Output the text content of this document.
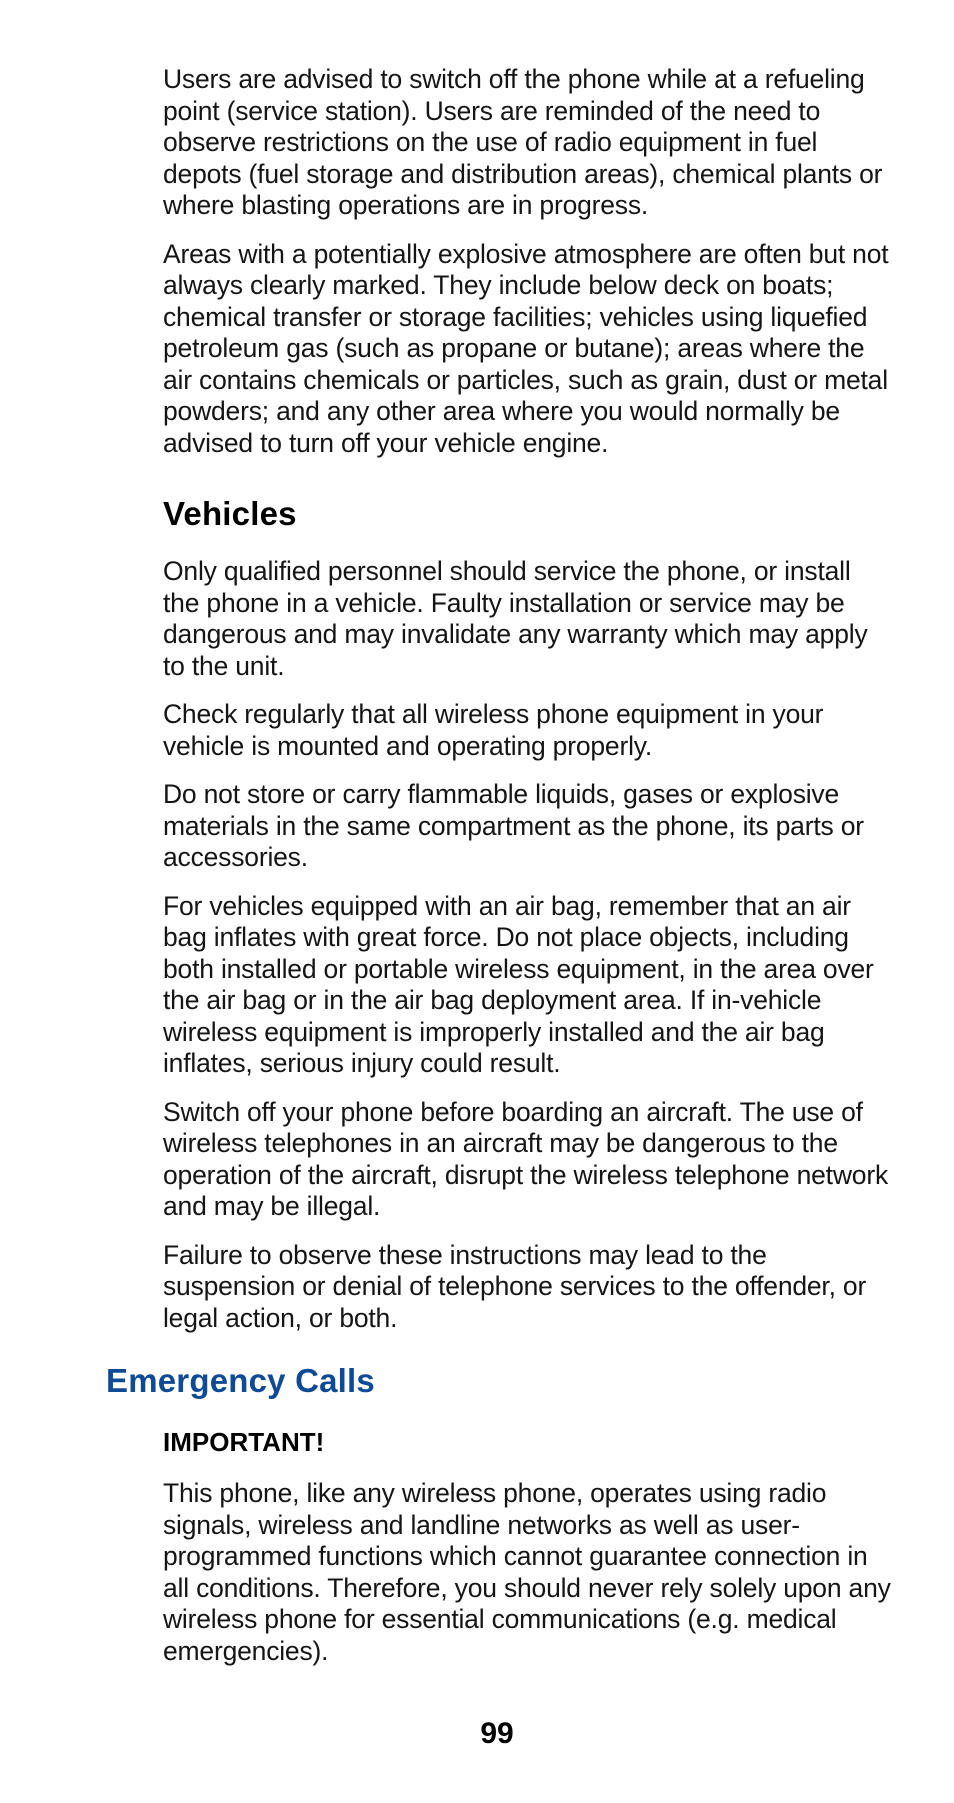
Users are advised to switch off the phone while at a refueling point (service station). Users are reminded of the need to observe restrictions on the use of radio equipment in fuel depots (fuel storage and distribution areas), chemical plants or where blasting operations are in progress.

Areas with a potentially explosive atmosphere are often but not always clearly marked. They include below deck on boats; chemical transfer or storage facilities; vehicles using liquefied petroleum gas (such as propane or butane); areas where the air contains chemicals or particles, such as grain, dust or metal powders; and any other area where you would normally be advised to turn off your vehicle engine.

Vehicles

Only qualified personnel should service the phone, or install the phone in a vehicle. Faulty installation or service may be dangerous and may invalidate any warranty which may apply to the unit.

Check regularly that all wireless phone equipment in your vehicle is mounted and operating properly.

Do not store or carry flammable liquids, gases or explosive materials in the same compartment as the phone, its parts or accessories.

For vehicles equipped with an air bag, remember that an air bag inflates with great force. Do not place objects, including both installed or portable wireless equipment, in the area over the air bag or in the air bag deployment area. If in-vehicle wireless equipment is improperly installed and the air bag inflates, serious injury could result.

Switch off your phone before boarding an aircraft. The use of wireless telephones in an aircraft may be dangerous to the operation of the aircraft, disrupt the wireless telephone network and may be illegal.

Failure to observe these instructions may lead to the suspension or denial of telephone services to the offender, or legal action, or both.

Emergency Calls
IMPORTANT!

This phone, like any wireless phone, operates using radio signals, wireless and landline networks as well as user-programmed functions which cannot guarantee connection in all conditions. Therefore, you should never rely solely upon any wireless phone for essential communications (e.g. medical emergencies).

99
